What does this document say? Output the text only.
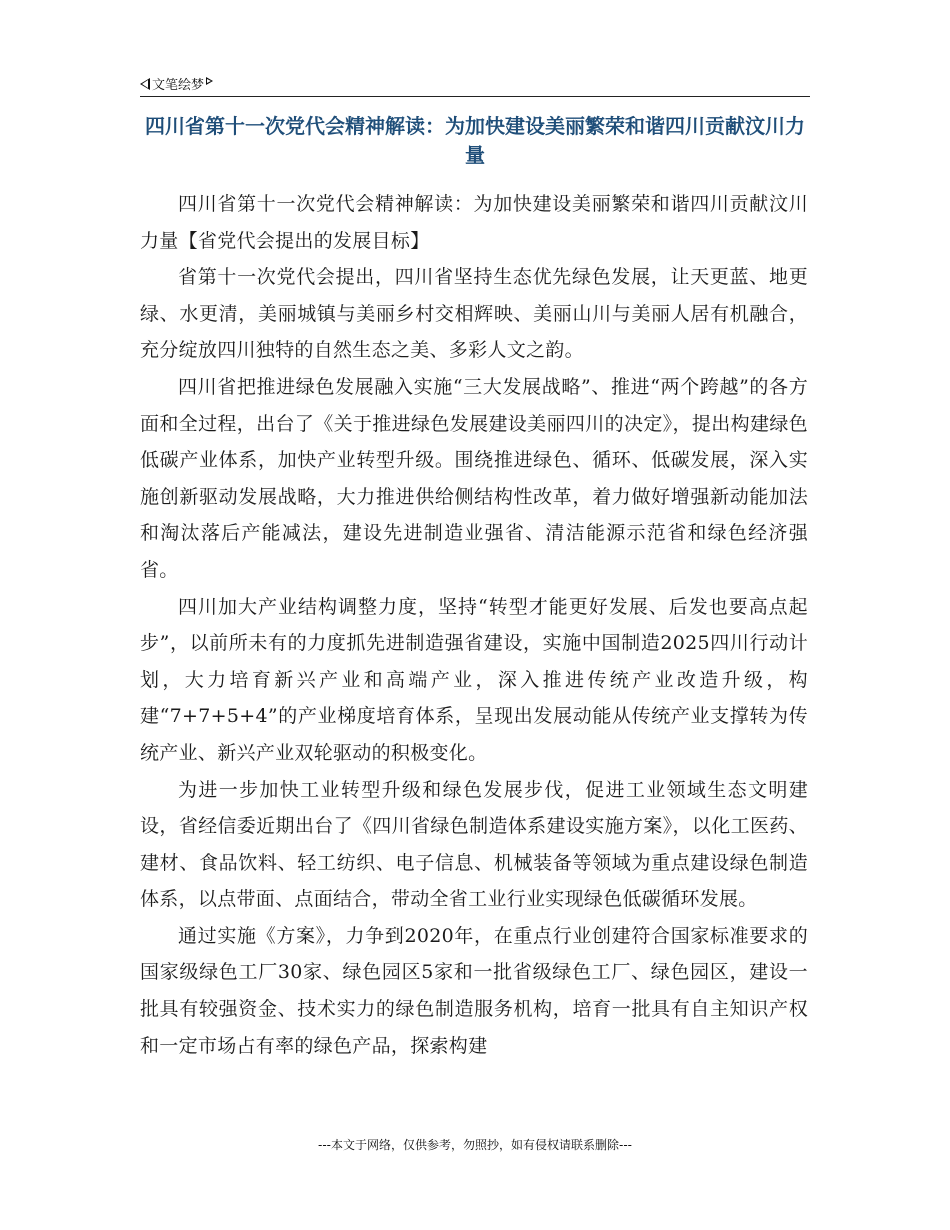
文笔绘梦
四川省第十一次党代会精神解读：为加快建设美丽繁荣和谐四川贡献汶川力量

四川省第十一次党代会精神解读：为加快建设美丽繁荣和谐四川贡献汶川力量【省党代会提出的发展目标】

省第十一次党代会提出，四川省坚持生态优先绿色发展，让天更蓝、地更绿、水更清，美丽城镇与美丽乡村交相辉映、美丽山川与美丽人居有机融合，充分绽放四川独特的自然生态之美、多彩人文之韵。

四川省把推进绿色发展融入实施“三大发展战略”、推进“两个跨越”的各方面和全过程，出台了《关于推进绿色发展建设美丽四川的决定》，提出构建绿色低碳产业体系，加快产业转型升级。围绕推进绿色、循环、低碳发展，深入实施创新驱动发展战略，大力推进供给侧结构性改革，着力做好增强新动能加法和淘汰落后产能减法，建设先进制造业强省、清洁能源示范省和绿色经济强省。

四川加大产业结构调整力度，坚持“转型才能更好发展、后发也要高点起步”，以前所未有的力度抓先进制造强省建设，实施中国制造2025四川行动计划，大力培育新兴产业和高端产业，深入推进传统产业改造升级，构建“7+7+5+4”的产业梯度培育体系，呈现出发展动能从传统产业支撑转为传统产业、新兴产业双轮驱动的积极变化。

为进一步加快工业转型升级和绿色发展步伐，促进工业领域生态文明建设，省经信委近期出台了《四川省绿色制造体系建设实施方案》，以化工医药、建材、食品饮料、轻工纺织、电子信息、机械装备等领域为重点建设绿色制造体系，以点带面、点面结合，带动全省工业行业实现绿色低碳循环发展。

通过实施《方案》，力争到2020年，在重点行业创建符合国家标准要求的国家级绿色工厂30家、绿色园区5家和一批省级绿色工厂、绿色园区，建设一批具有较强资金、技术实力的绿色制造服务机构，培育一批具有自主知识产权和一定市场占有率的绿色产品，探索构建

---本文于网络，仅供参考，勿照抄，如有侵权请联系删除---
